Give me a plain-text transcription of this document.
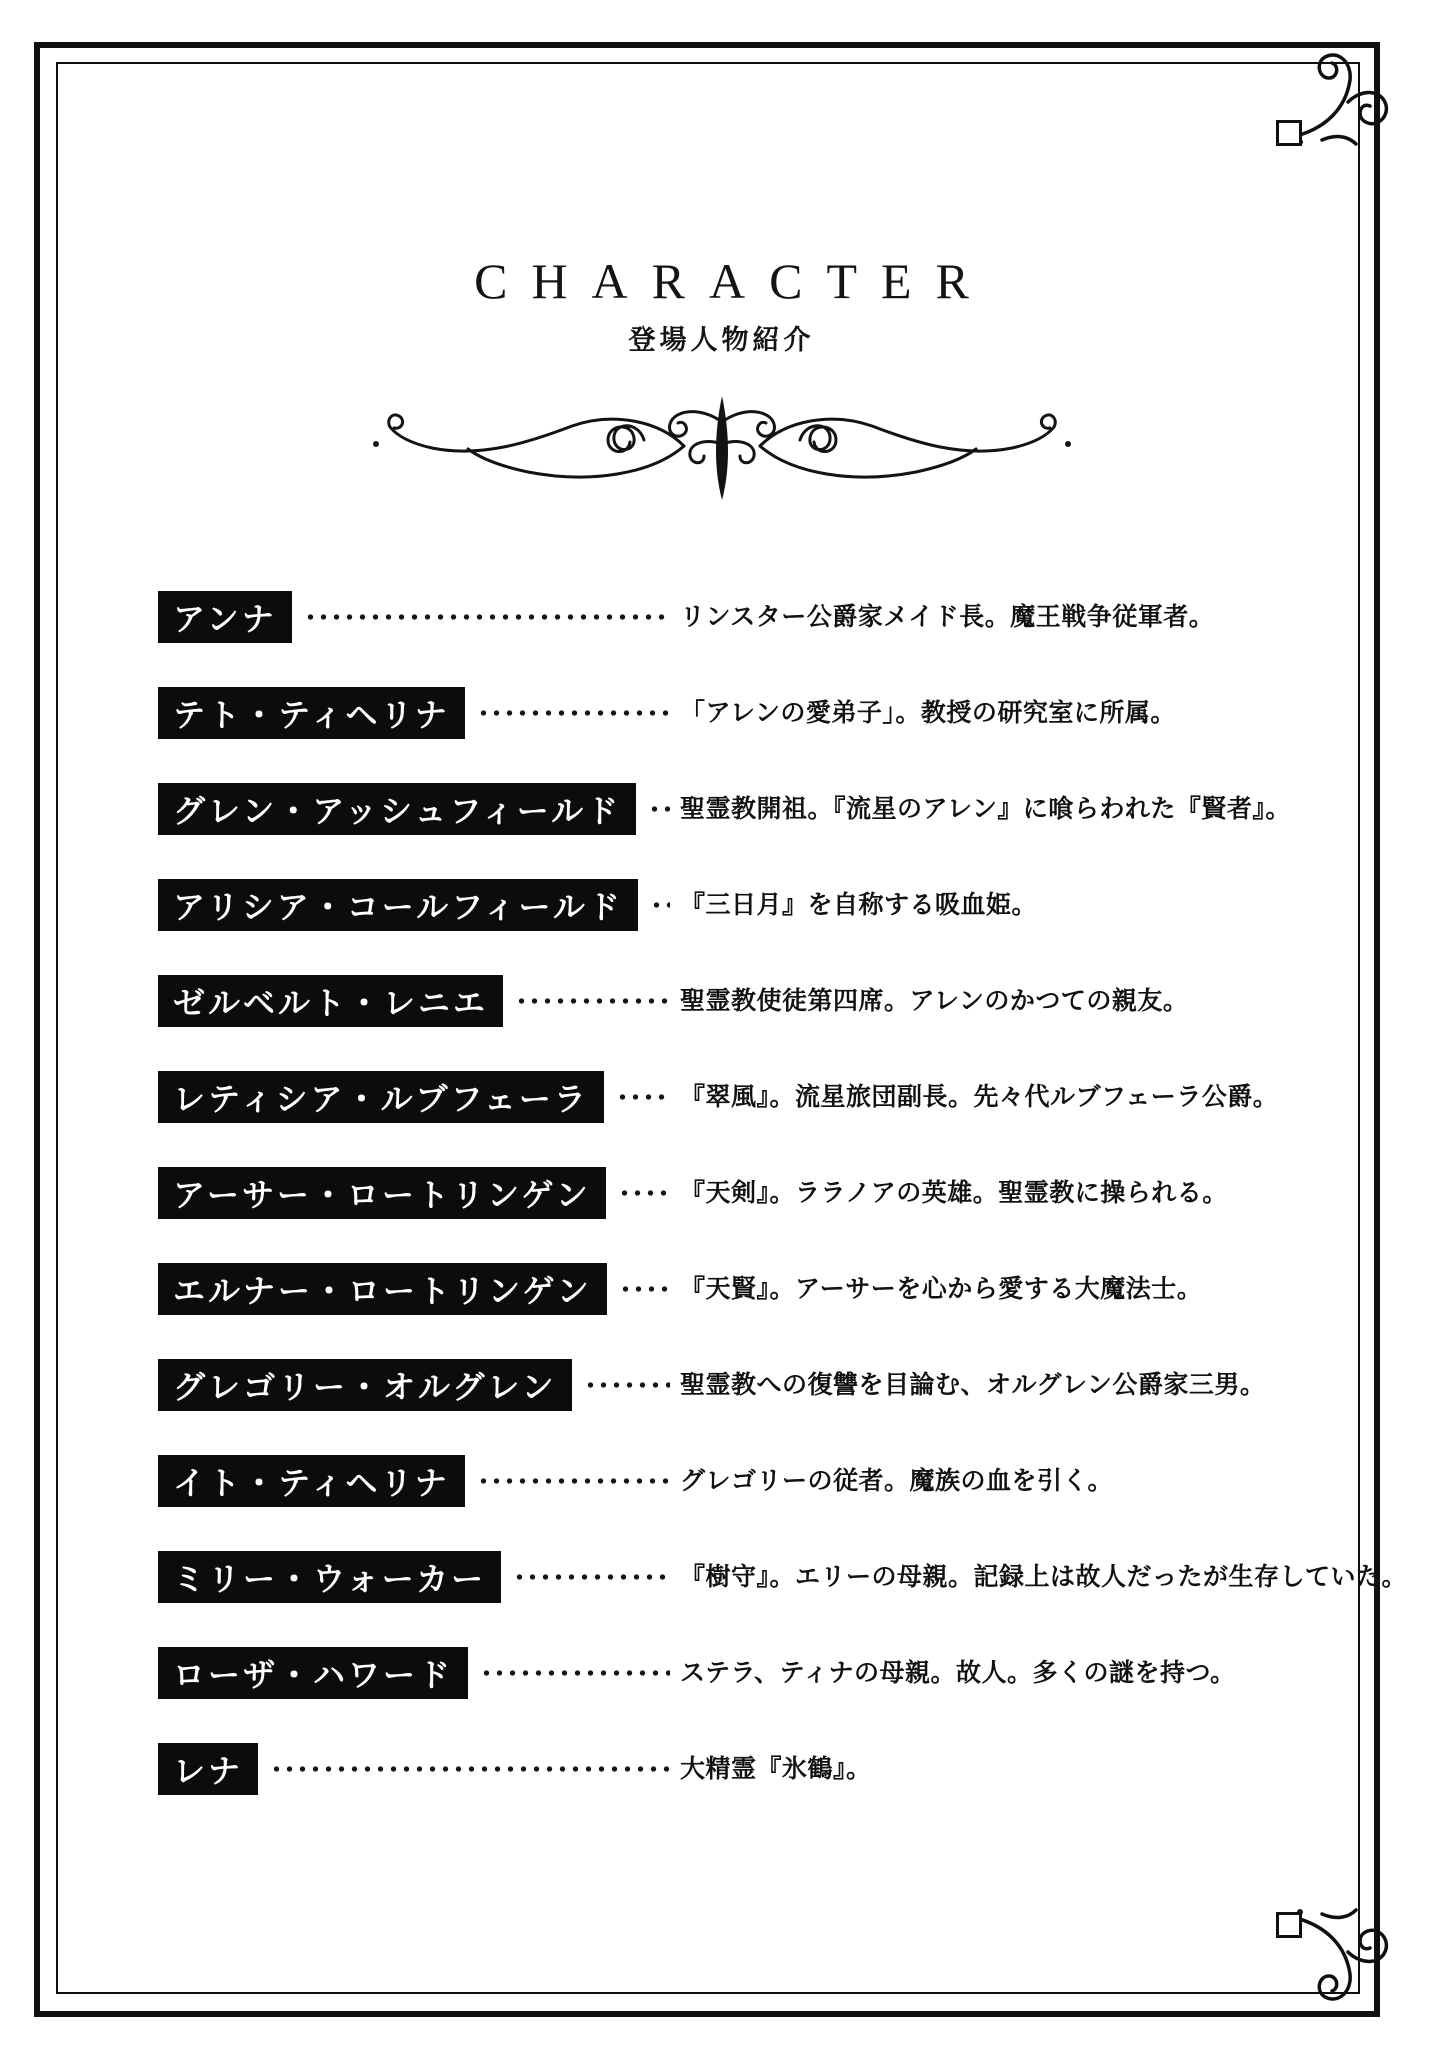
CHARACTER
登場人物紹介
アンナ	リンスター公爵家メイド長。魔王戦争従軍者。
テト・ティヘリナ	「アレンの愛弟子」。教授の研究室に所属。
グレン・アッシュフィールド	聖霊教開祖。『流星のアレン』に喰らわれた『賢者』。
アリシア・コールフィールド	『三日月』を自称する吸血姫。
ゼルベルト・レニエ	聖霊教使徒第四席。アレンのかつての親友。
レティシア・ルブフェーラ	『翠風』。流星旅団副長。先々代ルブフェーラ公爵。
アーサー・ロートリンゲン	『天剣』。ララノアの英雄。聖霊教に操られる。
エルナー・ロートリンゲン	『天賢』。アーサーを心から愛する大魔法士。
グレゴリー・オルグレン	聖霊教への復讐を目論む、オルグレン公爵家三男。
イト・ティヘリナ	グレゴリーの従者。魔族の血を引く。
ミリー・ウォーカー	『樹守』。エリーの母親。記録上は故人だったが生存していた。
ローザ・ハワード	ステラ、ティナの母親。故人。多くの謎を持つ。
レナ	大精霊『氷鶴』。
